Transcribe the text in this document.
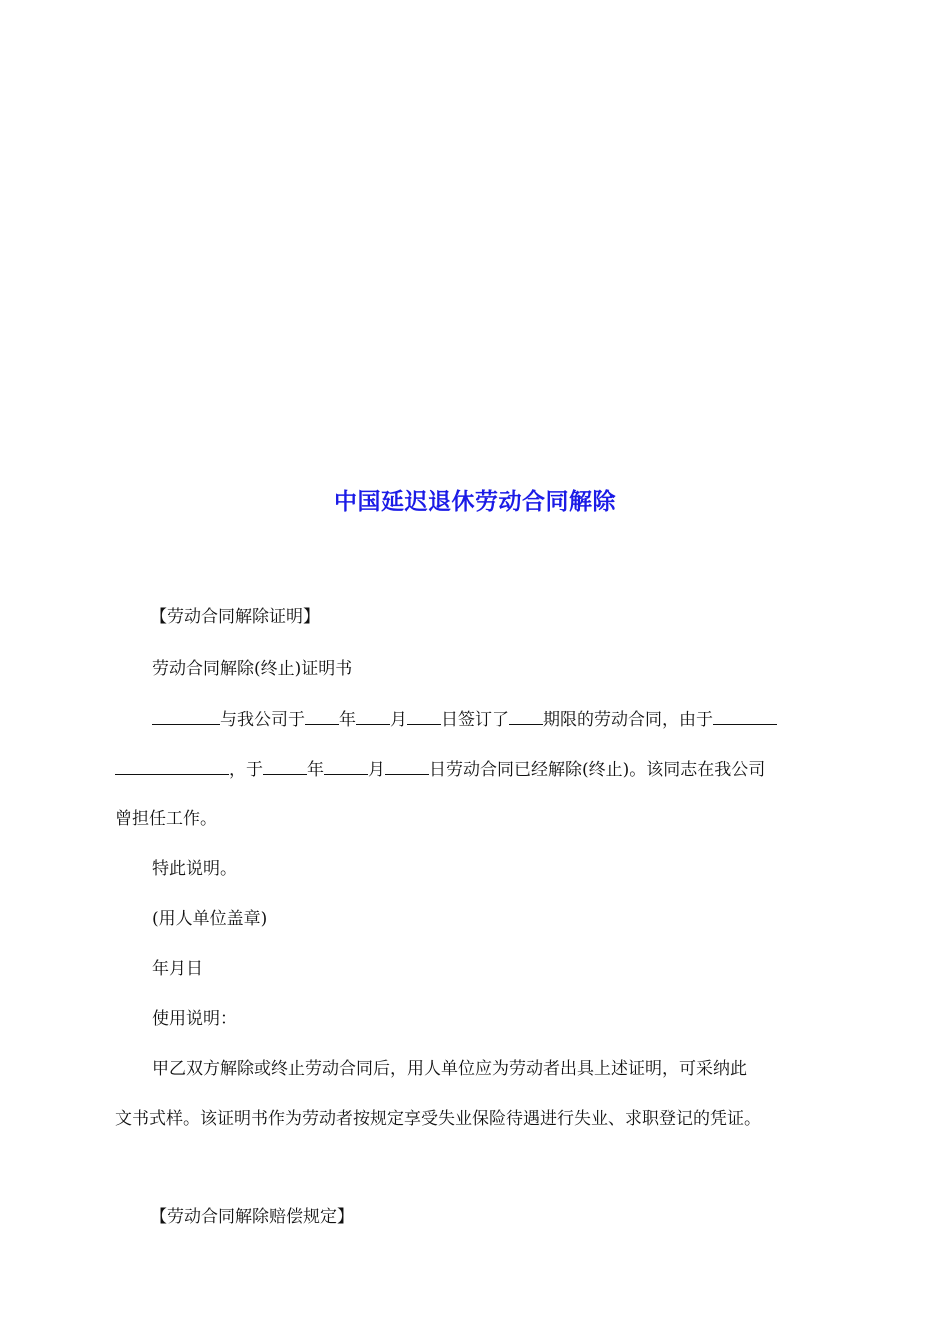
中国延迟退休劳动合同解除
【劳动合同解除证明】
劳动合同解除(终止)证明书
与我公司于 年 月 日签订了 期限的劳动合同，由于
，于	年	月	日劳动合同已经解除(终止)。该同志在我公司
曾担任工作。
特此说明。
(用人单位盖章)
年月日
使用说明：
甲乙双方解除或终止劳动合同后，用人单位应为劳动者出具上述证明，可采纳此
文书式样。该证明书作为劳动者按规定享受失业保险待遇进行失业、求职登记的凭证。
【劳动合同解除赔偿规定】
